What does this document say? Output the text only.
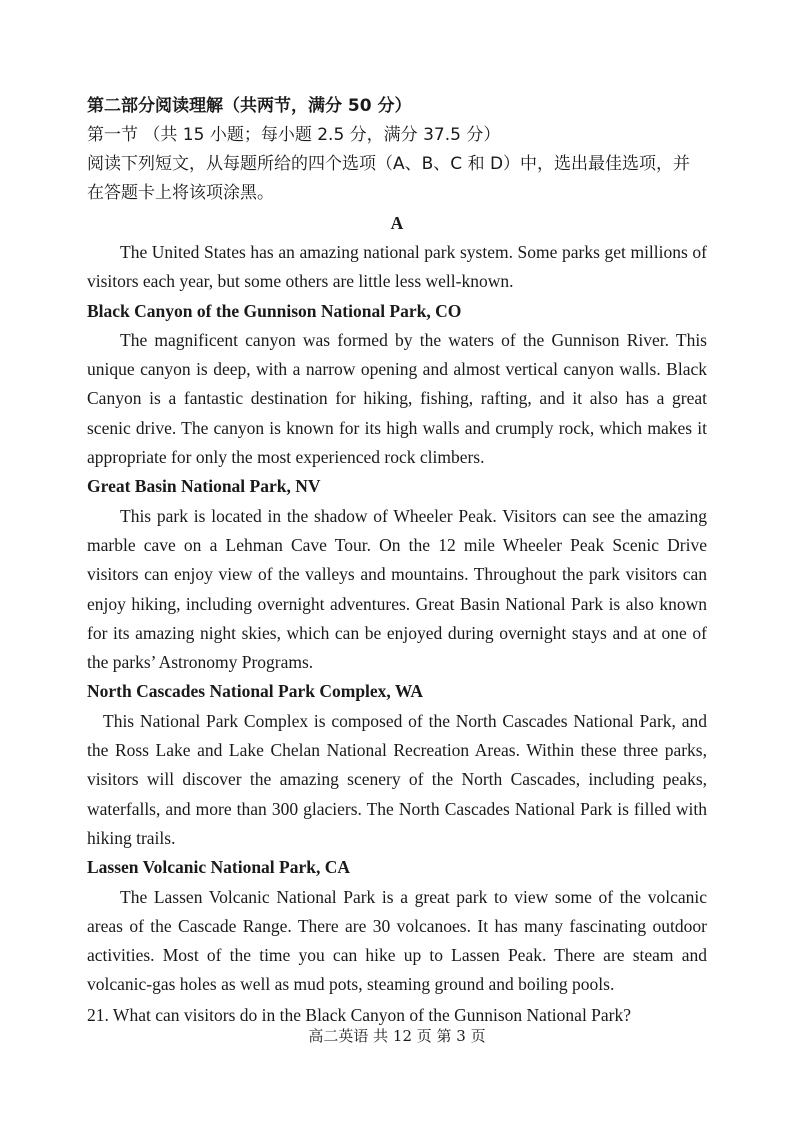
第二部分阅读理解（共两节，满分 50 分）

第一节 （共 15 小题；每小题 2.5 分，满分 37.5 分）

阅读下列短文，从每题所给的四个选项（A、B、C 和 D）中，选出最佳选项，并在答题卡上将该项涂黑。

A

The United States has an amazing national park system. Some parks get millions of visitors each year, but some others are little less well-known.

Black Canyon of the Gunnison National Park, CO

The magnificent canyon was formed by the waters of the Gunnison River. This unique canyon is deep, with a narrow opening and almost vertical canyon walls. Black Canyon is a fantastic destination for hiking, fishing, rafting, and it also has a great scenic drive. The canyon is known for its high walls and crumply rock, which makes it appropriate for only the most experienced rock climbers.

Great Basin National Park, NV

This park is located in the shadow of Wheeler Peak. Visitors can see the amazing marble cave on a Lehman Cave Tour. On the 12 mile Wheeler Peak Scenic Drive visitors can enjoy view of the valleys and mountains. Throughout the park visitors can enjoy hiking, including overnight adventures. Great Basin National Park is also known for its amazing night skies, which can be enjoyed during overnight stays and at one of the parks’ Astronomy Programs.

North Cascades National Park Complex, WA

This National Park Complex is composed of the North Cascades National Park, and the Ross Lake and Lake Chelan National Recreation Areas. Within these three parks, visitors will discover the amazing scenery of the North Cascades, including peaks, waterfalls, and more than 300 glaciers. The North Cascades National Park is filled with hiking trails.

Lassen Volcanic National Park, CA

The Lassen Volcanic National Park is a great park to view some of the volcanic areas of the Cascade Range. There are 30 volcanoes. It has many fascinating outdoor activities. Most of the time you can hike up to Lassen Peak. There are steam and volcanic-gas holes as well as mud pots, steaming ground and boiling pools.

21. What can visitors do in the Black Canyon of the Gunnison National Park?

高二英语 共 12 页 第 3 页
